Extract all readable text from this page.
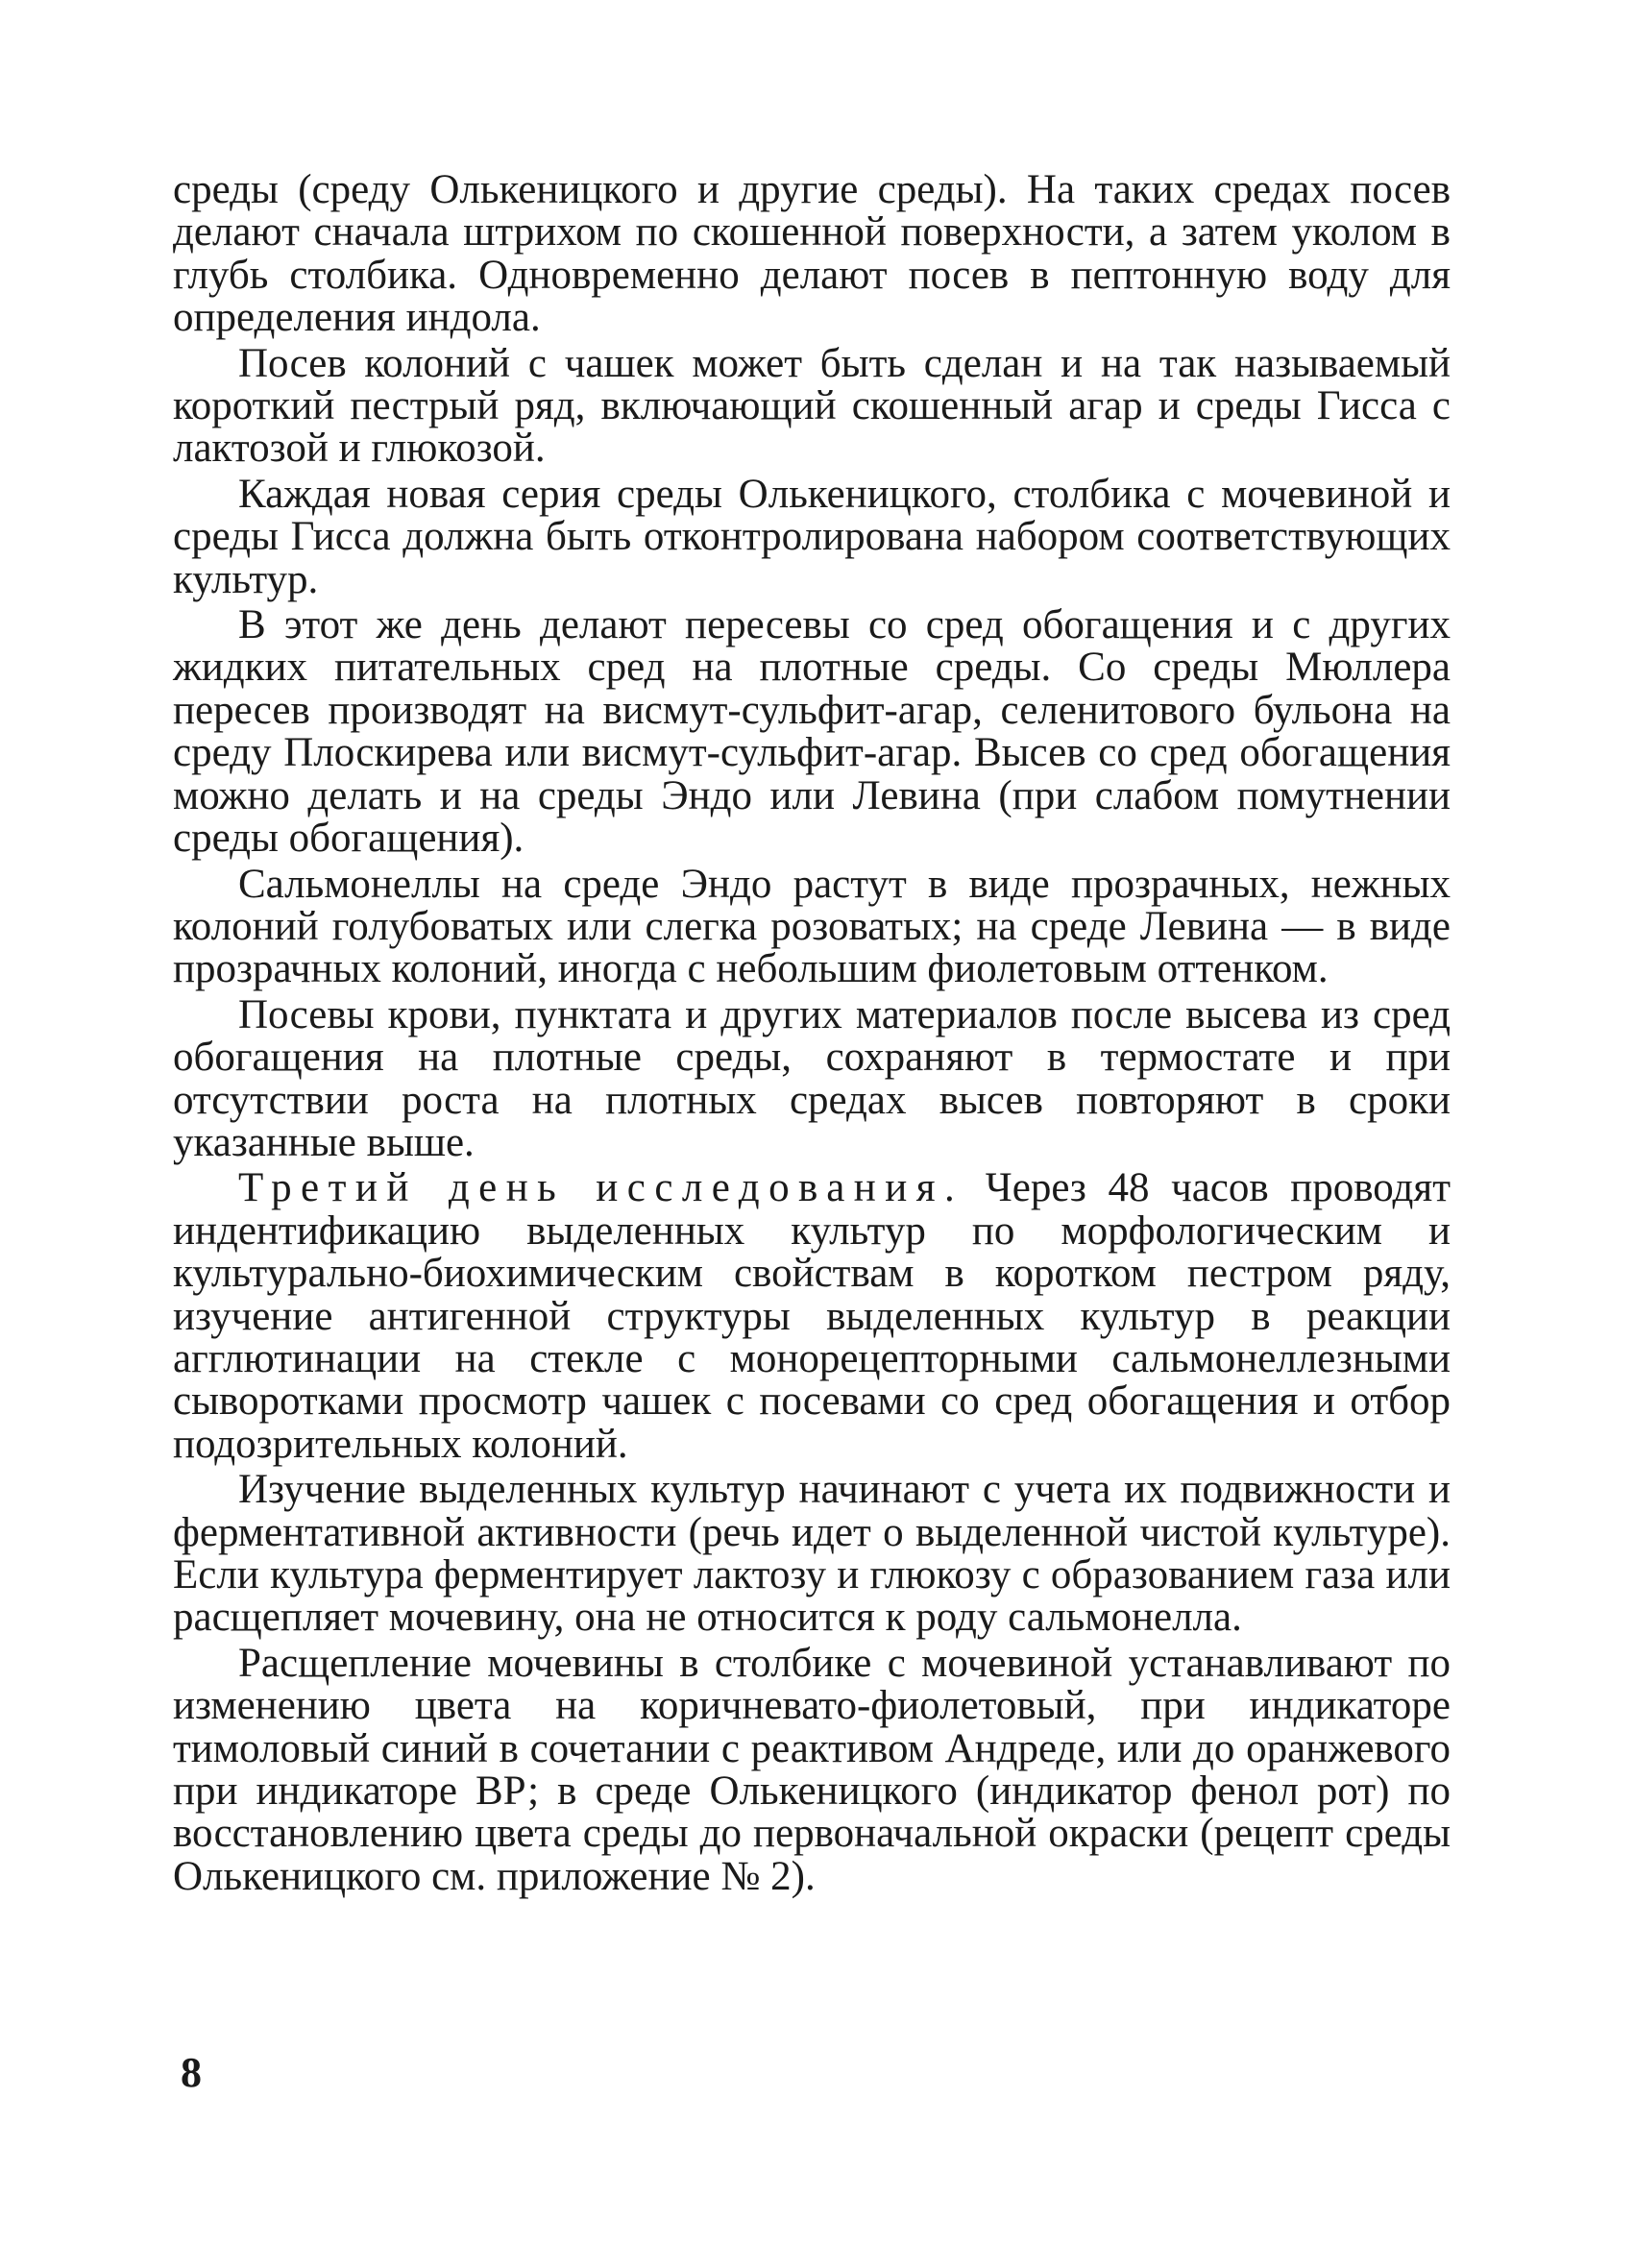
среды (среду Олькеницкого и другие среды). На таких средах посев делают сначала штрихом по скошенной поверхности, а затем уколом в глубь столбика. Одновременно делают посев в пептонную воду для определения индола.

Посев колоний с чашек может быть сделан и на так называемый короткий пестрый ряд, включающий скошенный агар и среды Гисса с лактозой и глюкозой.

Каждая новая серия среды Олькеницкого, столбика с мочевиной и среды Гисса должна быть отконтролирована набором соответствующих культур.

В этот же день делают пересевы со сред обогащения и с других жидких питательных сред на плотные среды. Со среды Мюллера пересев производят на висмут-сульфит-агар, селенитового бульона на среду Плоскирева или висмут-сульфит-агар. Высев со сред обогащения можно делать и на среды Эндо или Левина (при слабом помутнении среды обогащения).

Сальмонеллы на среде Эндо растут в виде прозрачных, нежных колоний голубоватых или слегка розоватых; на среде Левина — в виде прозрачных колоний, иногда с небольшим фиолетовым оттенком.

Посевы крови, пунктата и других материалов после высева из сред обогащения на плотные среды, сохраняют в термостате и при отсутствии роста на плотных средах высев повторяют в сроки указанные выше.

Третий день исследования. Через 48 часов проводят индентификацию выделенных культур по морфологическим и культурально-биохимическим свойствам в коротком пестром ряду, изучение антигенной структуры выделенных культур в реакции агглютинации на стекле с монорецепторными сальмонеллезными сыворотками просмотр чашек с посевами со сред обогащения и отбор подозрительных колоний.

Изучение выделенных культур начинают с учета их подвижности и ферментативной активности (речь идет о выделенной чистой культуре). Если культура ферментирует лактозу и глюкозу с образованием газа или расщепляет мочевину, она не относится к роду сальмонелла.

Расщепление мочевины в столбике с мочевиной устанавливают по изменению цвета на коричневато-фиолетовый, при индикаторе тимоловый синий в сочетании с реактивом Андреде, или до оранжевого при индикаторе ВР; в среде Олькеницкого (индикатор фенол рот) по восстановлению цвета среды до первоначальной окраски (рецепт среды Олькеницкого см. приложение № 2).

8
